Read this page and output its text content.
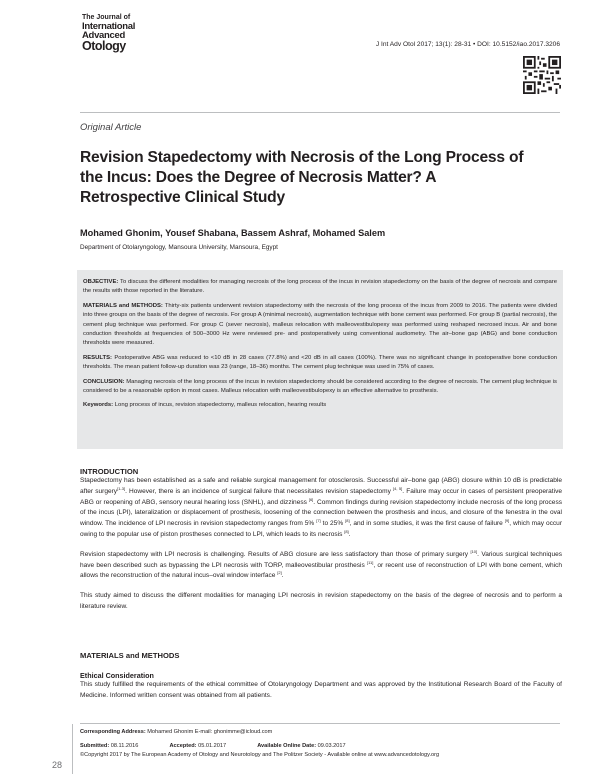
The Journal of
International
Advanced
Otology	J Int Adv Otol 2017; 13(1): 28-31 • DOI: 10.5152/iao.2017.3206
Original Article
Revision Stapedectomy with Necrosis of the Long Process of the Incus: Does the Degree of Necrosis Matter? A Retrospective Clinical Study
Mohamed Ghonim, Yousef Shabana, Bassem Ashraf, Mohamed Salem
Department of Otolaryngology, Mansoura University, Mansoura, Egypt

OBJECTIVE: To discuss the different modalities for managing necrosis of the long process of the incus in revision stapedectomy on the basis of the degree of necrosis and compare the results with those reported in the literature.

MATERIALS and METHODS: Thirty-six patients underwent revision stapedectomy with the necrosis of the long process of the incus from 2009 to 2016. The patients were divided into three groups on the basis of the degree of necrosis. For group A (minimal necrosis), augmentation technique with bone cement was performed. For group B (partial necrosis), the cement plug technique was performed. For group C (sever necrosis), malleus relocation with malleovestibulopexy was performed using reshaped necrosed incus. Air and bone conduction thresholds at frequencies of 500–3000 Hz were reviewed pre- and postoperatively using conventional audiometry. The air–bone gap (ABG) and bone conduction thresholds were measured.

RESULTS: Postoperative ABG was reduced to <10 dB in 28 cases (77.8%) and <20 dB in all cases (100%). There was no significant change in postoperative bone conduction thresholds. The mean patient follow-up duration was 23 (range, 18–36) months. The cement plug technique was used in 75% of cases.

CONCLUSION: Managing necrosis of the long process of the incus in revision stapedectomy should be considered according to the degree of necrosis. The cement plug technique is considered to be a reasonable option in most cases. Malleus relocation with malleovestibulopexy is an effective alternative to prosthesis.

Keywords: Long process of incus, revision stapedectomy, malleus relocation, hearing results

INTRODUCTION

Stapedectomy has been established as a safe and reliable surgical management for otosclerosis. Successful air–bone gap (ABG) closure within 10 dB is predictable after surgery[1-3]. However, there is an incidence of surgical failure that necessitates revision stapedectomy [4, 5]. Failure may occur in cases of persistent preoperative ABG or reopening of ABG, sensory neural hearing loss (SNHL), and dizziness [6]. Common findings during revision stapedectomy include necrosis of the long process of the incus (LPI), lateralization or displacement of prosthesis, loosening of the connection between the prosthesis and incus, and closure of the fenestra in the oval window. The incidence of LPI necrosis in revision stapedectomy ranges from 5% [7] to 25% [8], and in some studies, it was the first cause of failure [9], which may occur owing to the popular use of piston prostheses connected to LPI, which leads to its necrosis [8].

Revision stapedectomy with LPI necrosis is challenging. Results of ABG closure are less satisfactory than those of primary surgery [10]. Various surgical techniques have been described such as bypassing the LPI necrosis with TORP, malleovestibular prosthesis [11], or recent use of reconstruction of LPI with bone cement, which allows the reconstruction of the natural incus–oval window interface [2].

This study aimed to discuss the different modalities for managing LPI necrosis in revision stapedectomy on the basis of the degree of necrosis and to perform a literature review.

MATERIALS and METHODS
Ethical Consideration

This study fulfilled the requirements of the ethical committee of Otolaryngology Department and was approved by the Institutional Research Board of the Faculty of Medicine. Informed written consent was obtained from all patients.

Corresponding Address: Mohamed Ghonim E-mail: ghonimme@icloud.com
Submitted: 08.11.2016	Accepted: 05.01.2017	Available Online Date: 09.03.2017
©Copyright 2017 by The European Academy of Otology and Neurotology and The Politzer Society - Available online at www.advancedotology.org
28
